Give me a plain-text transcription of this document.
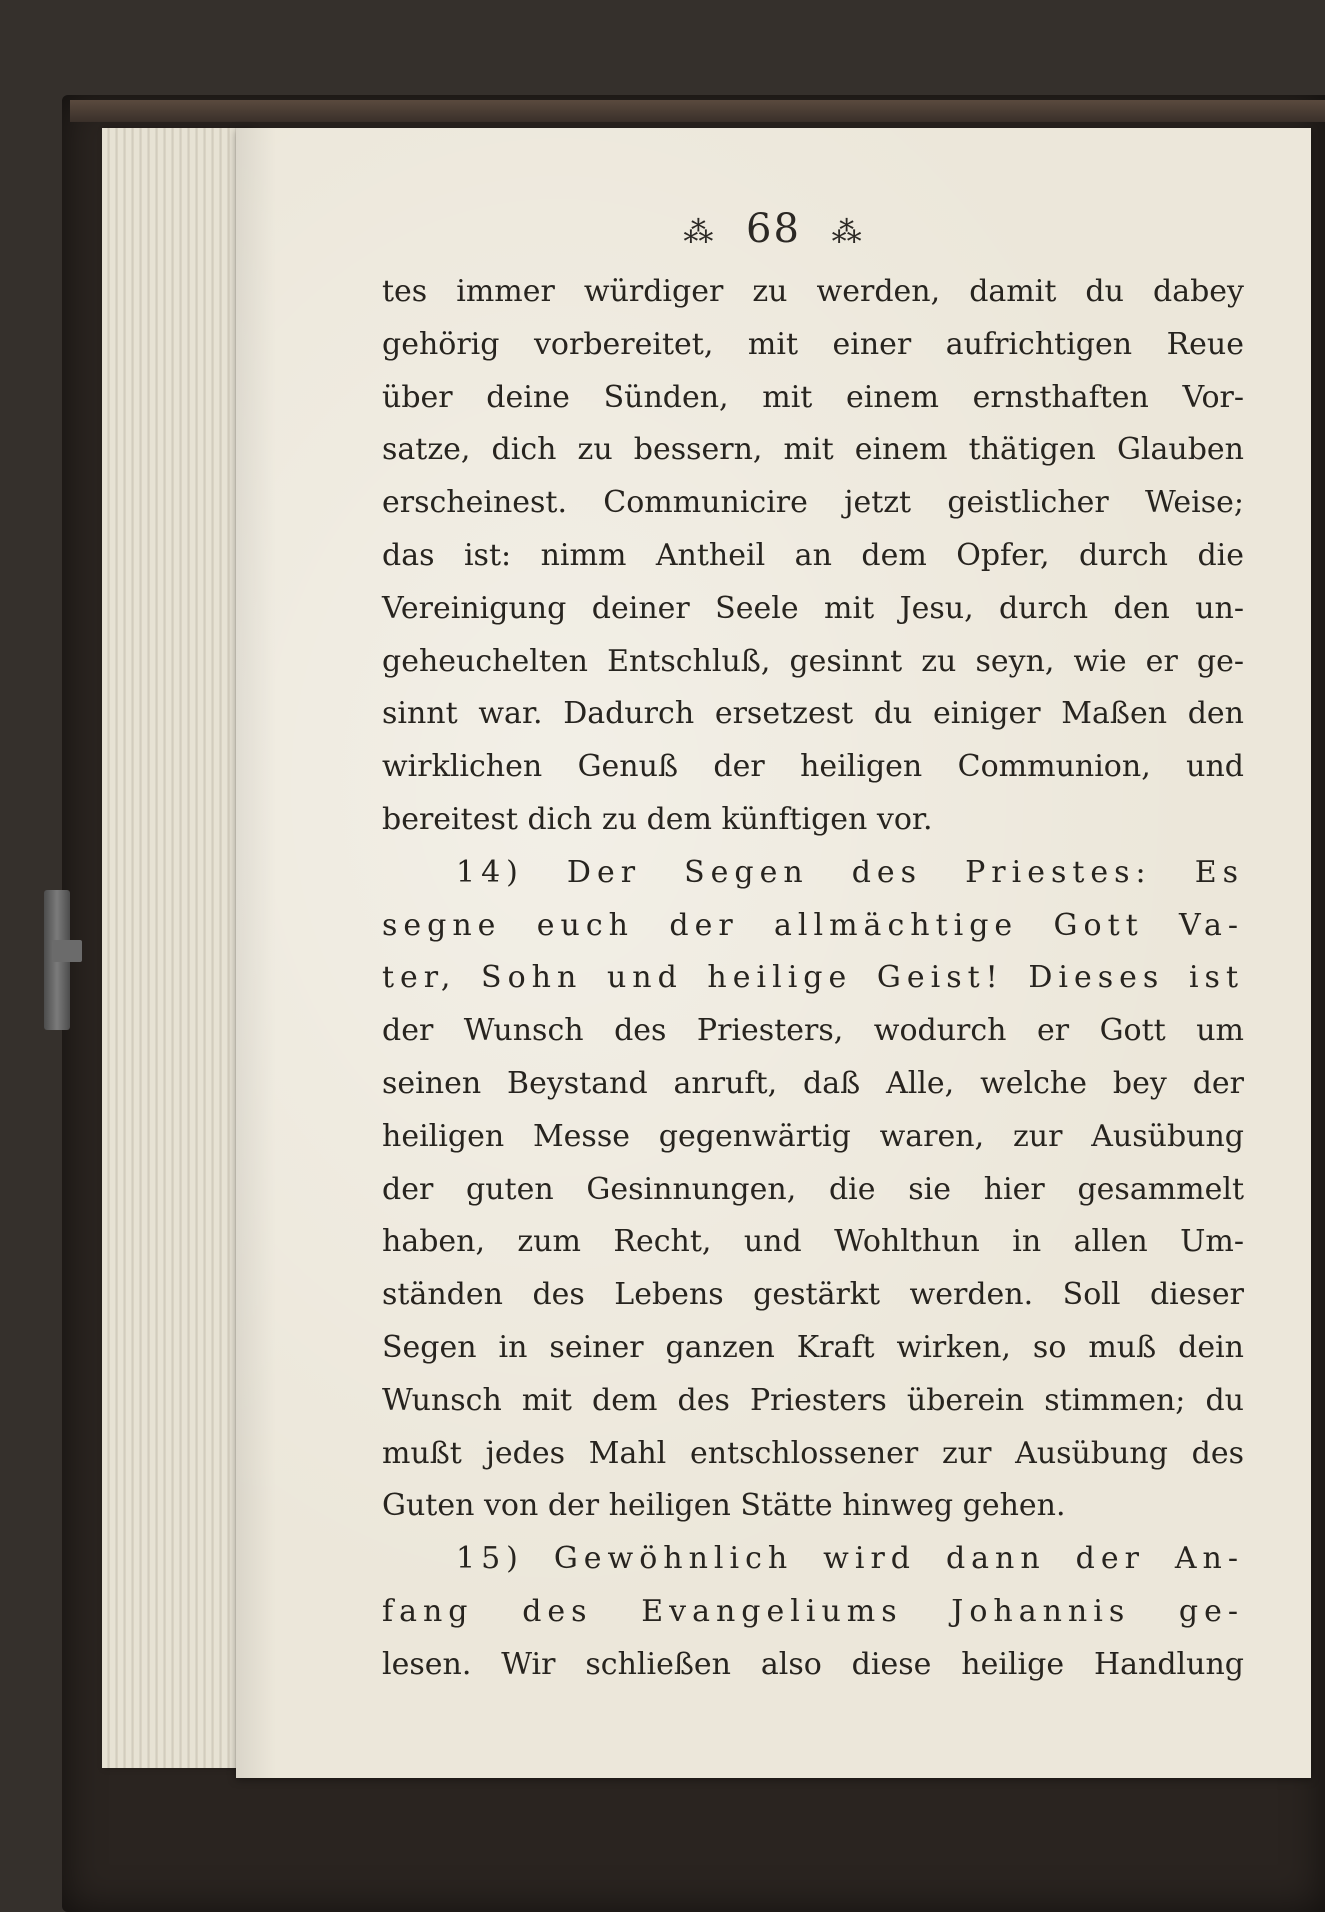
⁂ 68 ⁂
tes immer würdiger zu werden, damit du dabey
gehörig vorbereitet, mit einer aufrichtigen Reue
über deine Sünden, mit einem ernsthaften Vor-
satze, dich zu bessern, mit einem thätigen Glauben
erscheinest. Communicire jetzt geistlicher Weise;
das ist: nimm Antheil an dem Opfer, durch die
Vereinigung deiner Seele mit Jesu, durch den un-
geheuchelten Entschluß, gesinnt zu seyn, wie er ge-
sinnt war. Dadurch ersetzest du einiger Maßen den
wirklichen Genuß der heiligen Communion, und
bereitest dich zu dem künftigen vor.
14) Der Segen des Priestes: Es
segne euch der allmächtige Gott Va-
ter, Sohn und heilige Geist! Dieses ist
der Wunsch des Priesters, wodurch er Gott um
seinen Beystand anruft, daß Alle, welche bey der
heiligen Messe gegenwärtig waren, zur Ausübung
der guten Gesinnungen, die sie hier gesammelt
haben, zum Recht, und Wohlthun in allen Um-
ständen des Lebens gestärkt werden. Soll dieser
Segen in seiner ganzen Kraft wirken, so muß dein
Wunsch mit dem des Priesters überein stimmen; du
mußt jedes Mahl entschlossener zur Ausübung des
Guten von der heiligen Stätte hinweg gehen.
15) Gewöhnlich wird dann der An-
fang des Evangeliums Johannis ge-
lesen. Wir schließen also diese heilige Handlung
